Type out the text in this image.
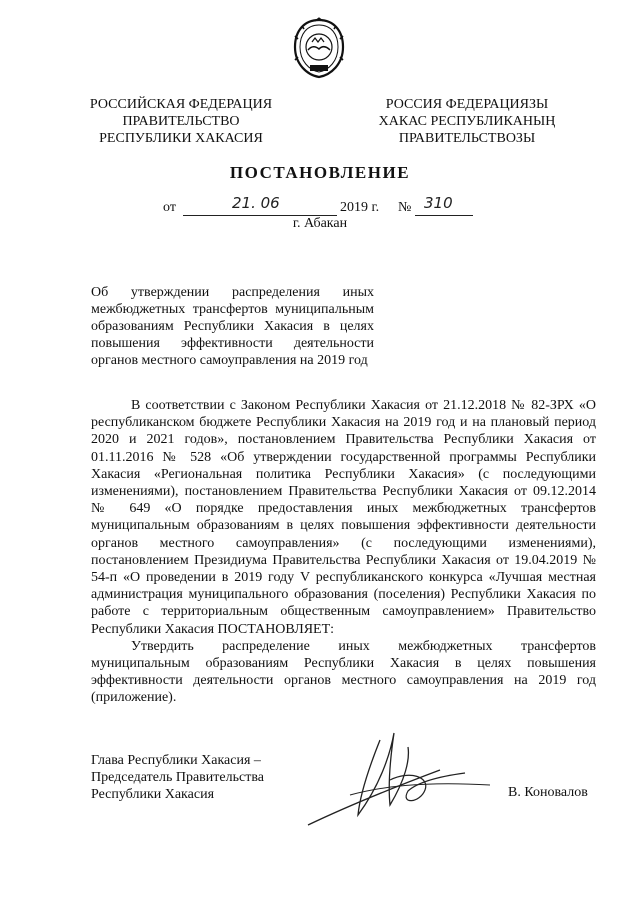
РОССИЙСКАЯ ФЕДЕРАЦИЯ
ПРАВИТЕЛЬСТВО
РЕСПУБЛИКИ ХАКАСИЯ
РОССИЯ ФЕДЕРАЦИЯЗЫ
ХАКАС РЕСПУБЛИКАНЫҢ
ПРАВИТЕЛЬСТВОЗЫ
ПОСТАНОВЛЕНИЕ
от	21. 06	2019 г. № 310
г. Абакан
Об утверждении распределения иных
межбюджетных трансфертов муниципальным
образованиям Республики Хакасия в целях
повышения эффективности деятельности
органов местного самоуправления на 2019 год

В соответствии с Законом Республики Хакасия от 21.12.2018 № 82-ЗРХ «О республиканском бюджете Республики Хакасия на 2019 год и на плановый период 2020 и 2021 годов», постановлением Правительства Республики Хакасия от 01.11.2016 № 528 «Об утверждении государственной программы Республики Хакасия «Региональная политика Республики Хакасия» (с последующими изменениями), постановлением Правительства Республики Хакасия от 09.12.2014 № 649 «О порядке предоставления иных межбюджетных трансфертов муниципальным образованиям в целях повышения эффективности деятельности органов местного самоуправления» (с последующими изменениями), постановлением Президиума Правительства Республики Хакасия от 19.04.2019 № 54-п «О проведении в 2019 году V республиканского конкурса «Лучшая местная администрация муниципального образования (поселения) Республики Хакасия по работе с территориальным общественным самоуправлением» Правительство Республики Хакасия ПОСТАНОВЛЯЕТ:

Утвердить распределение иных межбюджетных трансфертов муниципальным образованиям Республики Хакасия в целях повышения эффективности деятельности органов местного самоуправления на 2019 год (приложение).

Глава Республики Хакасия –
Председатель Правительства
Республики Хакасия	В. Коновалов
